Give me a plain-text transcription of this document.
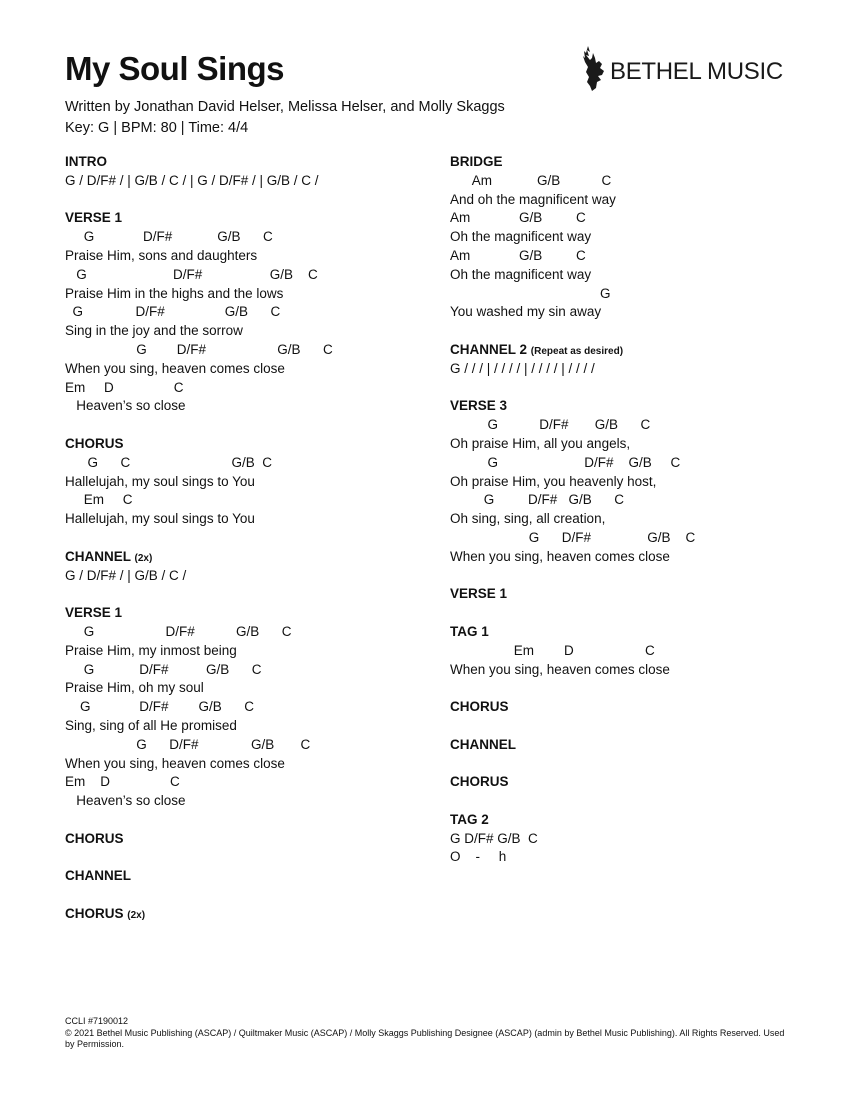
My Soul Sings
Written by Jonathan David Helser, Melissa Helser, and Molly Skaggs
Key: G | BPM: 80 | Time: 4/4
BETHEL MUSIC
INTRO
G / D/F# / | G/B / C / | G / D/F# / | G/B / C /
VERSE 1
G             D/F#            G/B      C
Praise Him, sons and daughters
G                       D/F#                  G/B    C
Praise Him in the highs and the lows
G              D/F#                G/B      C
Sing in the joy and the sorrow
G        D/F#                   G/B      C
When you sing, heaven comes close
Em     D                C
Heaven’s so close
CHORUS
G      C                           G/B  C
Hallelujah, my soul sings to You
Em     C
Hallelujah, my soul sings to You
CHANNEL (2x)
G / D/F# / | G/B / C /
VERSE 1
G                   D/F#           G/B      C
Praise Him, my inmost being
G            D/F#          G/B      C
Praise Him, oh my soul
G             D/F#        G/B      C
Sing, sing of all He promised
G      D/F#              G/B       C
When you sing, heaven comes close
Em    D                C
Heaven’s so close
CHORUS
CHANNEL
CHORUS (2x)
BRIDGE
Am            G/B           C
And oh the magnificent way
Am             G/B         C
Oh the magnificent way
Am             G/B         C
Oh the magnificent way
G
You washed my sin away
CHANNEL 2 (Repeat as desired)
G / / / | / / / / | / / / / | / / / /
VERSE 3
G           D/F#       G/B      C
Oh praise Him, all you angels,
G                       D/F#    G/B     C
Oh praise Him, you heavenly host,
G         D/F#   G/B      C
Oh sing, sing, all creation,
G      D/F#               G/B    C
When you sing, heaven comes close
VERSE 1
TAG 1
Em        D                   C
When you sing, heaven comes close
CHORUS
CHANNEL
CHORUS
TAG 2
G D/F# G/B  C
O    -     h
CCLI #7190012
© 2021 Bethel Music Publishing (ASCAP) / Quiltmaker Music (ASCAP) / Molly Skaggs Publishing Designee (ASCAP) (admin by Bethel Music Publishing). All Rights Reserved. Used by Permission.
